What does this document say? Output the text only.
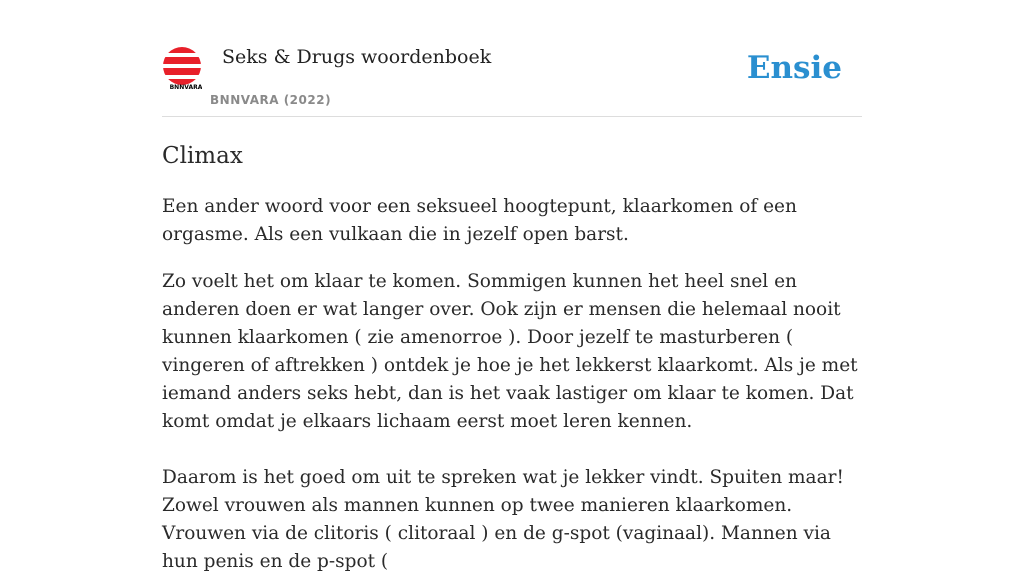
BNNVARA
Seks & Drugs woordenboek
BNNVARA (2022)
Ensie
Climax

Een ander woord voor een seksueel hoogtepunt, klaarkomen of een orgasme. Als een vulkaan die in jezelf open barst.

Zo voelt het om klaar te komen. Sommigen kunnen het heel snel en anderen doen er wat langer over. Ook zijn er mensen die helemaal nooit kunnen klaarkomen ( zie amenorroe ). Door jezelf te masturberen ( vingeren of aftrekken ) ontdek je hoe je het lekkerst klaarkomt. Als je met iemand anders seks hebt, dan is het vaak lastiger om klaar te komen. Dat komt omdat je elkaars lichaam eerst moet leren kennen.

Daarom is het goed om uit te spreken wat je lekker vindt. Spuiten maar! Zowel vrouwen als mannen kunnen op twee manieren klaarkomen. Vrouwen via de clitoris ( clitoraal ) en de g-spot (vaginaal). Mannen via hun penis en de p-spot (
